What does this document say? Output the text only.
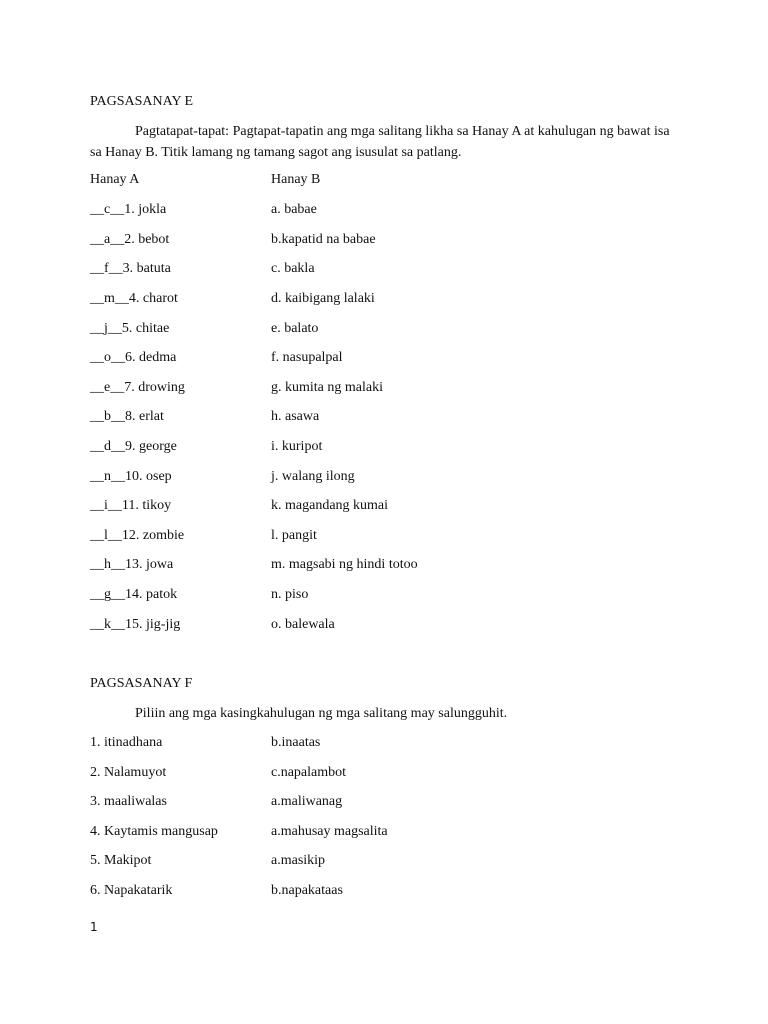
PAGSASANAY E
Pagtatapat-tapat: Pagtapat-tapatin ang mga salitang likha sa Hanay A at kahulugan ng bawat isa sa Hanay B. Titik lamang ng tamang sagot ang isusulat sa patlang.
Hanay A	Hanay B
__c__1. jokla	a. babae
__a__2. bebot	b.kapatid na babae
__f__3. batuta	c. bakla
__m__4. charot	d. kaibigang lalaki
__j__5. chitae	e. balato
__o__6. dedma	f. nasupalpal
__e__7. drowing	g. kumita ng malaki
__b__8. erlat	h. asawa
__d__9. george	i. kuripot
__n__10. osep	j. walang ilong
__i__11. tikoy	k. magandang kumai
__l__12. zombie	l. pangit
__h__13. jowa	m. magsabi ng hindi totoo
__g__14. patok	n. piso
__k__15. jig-jig	o. balewala
PAGSASANAY F
Piliin ang mga kasingkahulugan ng mga salitang may salungguhit.
1. itinadhana	b.inaatas
2. Nalamuyot	c.napalambot
3. maaliwalas	a.maliwanag
4. Kaytamis mangusap	a.mahusay magsalita
5. Makipot	a.masikip
6. Napakatarik	b.napakataas
1
